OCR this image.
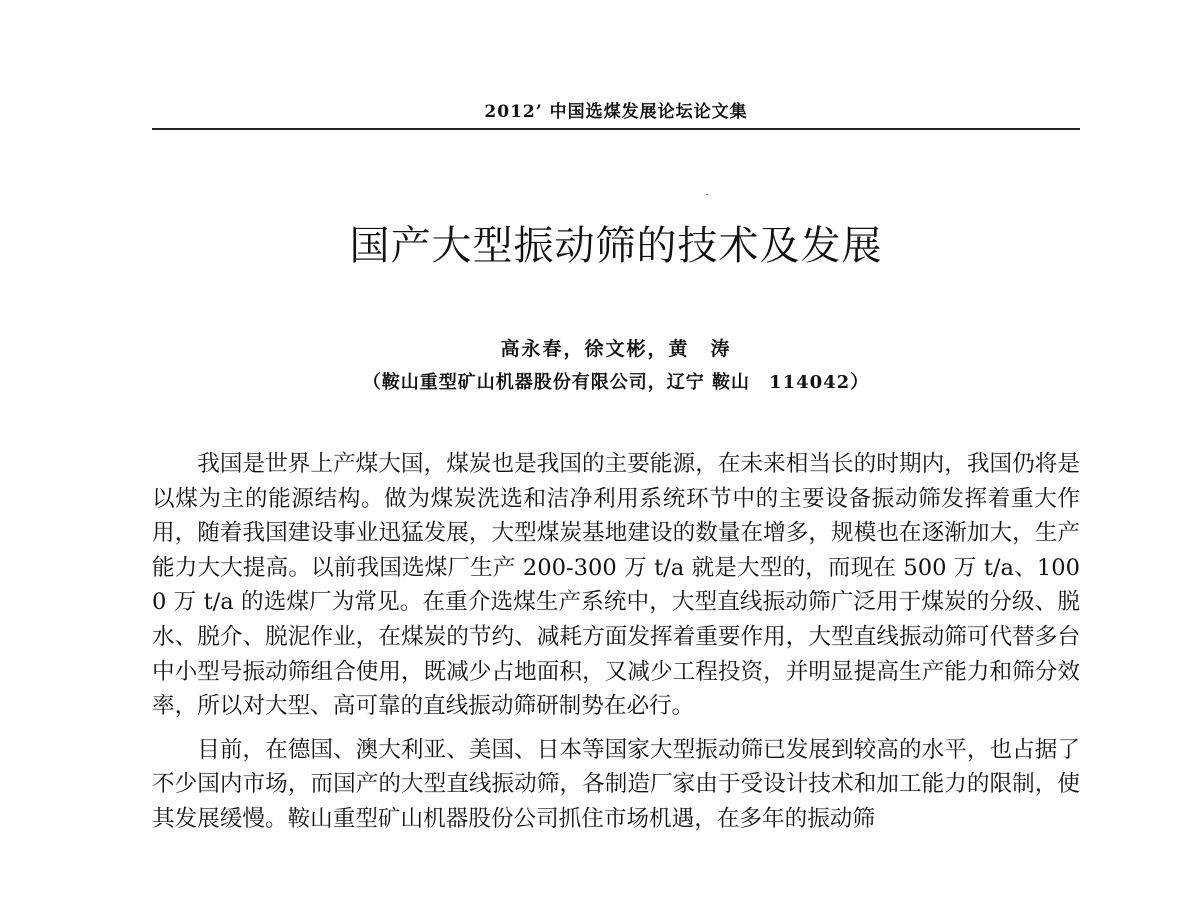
2012’ 中国选煤发展论坛论文集
国产大型振动筛的技术及发展
高永春，徐文彬，黄　涛
（鞍山重型矿山机器股份有限公司，辽宁 鞍山　114042）

我国是世界上产煤大国，煤炭也是我国的主要能源，在未来相当长的时期内，我国仍将是以煤为主的能源结构。做为煤炭洗选和洁净利用系统环节中的主要设备振动筛发挥着重大作用，随着我国建设事业迅猛发展，大型煤炭基地建设的数量在增多，规模也在逐渐加大，生产能力大大提高。以前我国选煤厂生产 200-300 万 t/a 就是大型的，而现在 500 万 t/a、1000 万 t/a 的选煤厂为常见。在重介选煤生产系统中，大型直线振动筛广泛用于煤炭的分级、脱水、脱介、脱泥作业，在煤炭的节约、减耗方面发挥着重要作用，大型直线振动筛可代替多台中小型号振动筛组合使用，既减少占地面积，又减少工程投资，并明显提高生产能力和筛分效率，所以对大型、高可靠的直线振动筛研制势在必行。

目前，在德国、澳大利亚、美国、日本等国家大型振动筛已发展到较高的水平，也占据了不少国内市场，而国产的大型直线振动筛，各制造厂家由于受设计技术和加工能力的限制，使其发展缓慢。鞍山重型矿山机器股份公司抓住市场机遇，在多年的振动筛
